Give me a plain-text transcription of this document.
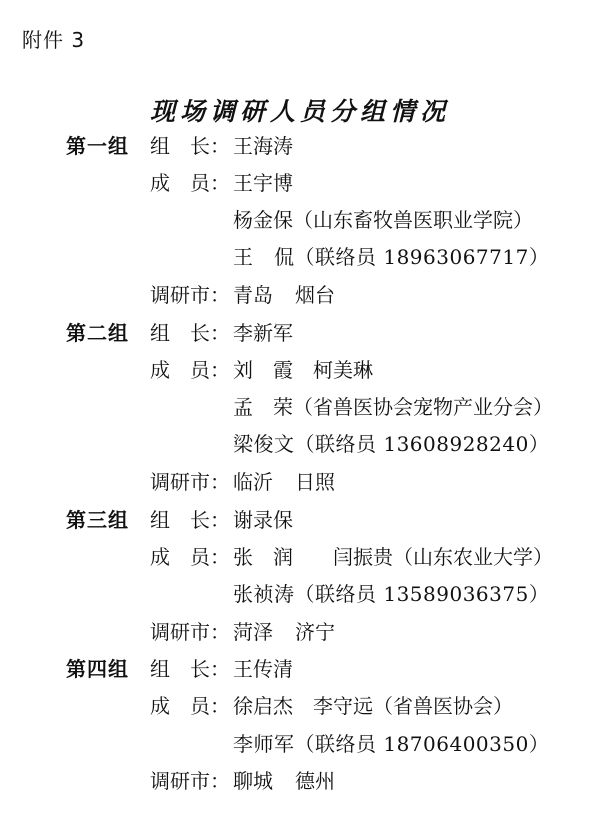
附件 3
现场调研人员分组情况
第一组 组　长： 王海涛
成　员： 王宇博
杨金保（山东畜牧兽医职业学院）
王　侃（联络员 18963067717）
调研市： 青岛 烟台
第二组 组　长： 李新军
成　员： 刘　霞　柯美琳
孟　荣（省兽医协会宠物产业分会）
梁俊文（联络员 13608928240）
调研市： 临沂 日照
第三组 组　长： 谢录保
成　员： 张　润　　闫振贵（山东农业大学）
张祯涛（联络员 13589036375）
调研市： 菏泽 济宁
第四组 组　长： 王传清
成　员： 徐启杰　李守远（省兽医协会）
李师军（联络员 18706400350）
调研市： 聊城 德州
